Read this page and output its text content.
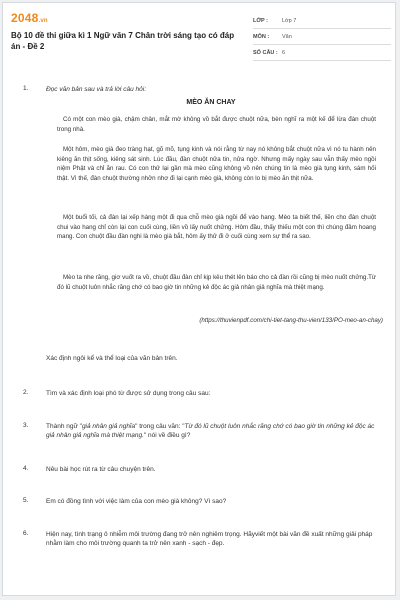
2048.vn
Bộ 10 đề thi giữa kì 1 Ngữ văn 7 Chân trời sáng tạo có đáp án - Đề 2
LỚP :	Lớp 7
MÔN :	Văn
SỐ CÂU : 6
1.	Đọc văn bản sau và trả lời câu hỏi:
MÈO ĂN CHAY
Có một con mèo già, chậm chân, mắt mờ không vồ bắt được chuột nữa, bèn nghĩ ra một kế để lừa đàn chuột trong nhà.
Một hôm, mèo già đeo tràng hạt, gõ mõ, tụng kinh và nói rằng từ nay nó không bắt chuột nữa vì nó tu hành nên kiêng ăn thịt sống, kiêng sát sinh. Lúc đầu, đàn chuột nửa tin, nửa ngờ. Nhưng mấy ngày sau vẫn thấy mèo ngồi niệm Phật và chỉ ăn rau. Có con thử lại gần mà mèo cũng không vồ nên chúng tin là mèo già tụng kinh, sám hối thật. Vì thế, đàn chuột thường nhởn nhơ đi lại cạnh mèo già, không còn lo bị mèo ăn thịt nữa.
Một buổi tối, cả đàn lại xếp hàng một đi qua chỗ mèo già ngồi để vào hang. Mèo ta biết thế, liền cho đàn chuột chui vào hang chỉ còn lại con cuối cùng, liền vồ lấy nuốt chửng. Hôm đầu, thấy thiếu một con thì chúng đâm hoang mang. Con chuột đầu đàn nghi là mèo già bắt, hôm ấy thử đi ở cuối cùng xem sự thể ra sao.
Mèo ta nhe răng, giơ vuốt ra vồ, chuột đầu đàn chỉ kịp kêu thét lên báo cho cả đàn rồi cũng bị mèo nuốt chửng.Từ đó lũ chuột luôn nhắc răng chớ có bao giờ tin những kẻ độc ác giả nhân giả nghĩa mà thiệt mạng.
(https://thuvienpdf.com/chi-tiet-tang-thu-vien/133/PO-meo-an-chay)
Xác định ngôi kể và thể loại của văn bản trên.
2.	Tìm và xác định loại phó từ được sử dụng trong câu sau:
3.	Thành ngữ "giả nhân giả nghĩa" trong câu văn: "Từ đó lũ chuột luôn nhắc răng chớ có bao giờ tin những kẻ độc ác giả nhân giả nghĩa mà thiệt mạng." nói về điều gì?
4.	Nêu bài học rút ra từ câu chuyện trên.
5.	Em có đồng tình với việc làm của con mèo già không? Vì sao?
6.	Hiện nay, tình trạng ô nhiễm môi trường đang trở nên nghiêm trọng. Hãyviết một bài văn đề xuất những giải pháp nhằm làm cho môi trường quanh ta trở nên xanh - sạch - đẹp.
